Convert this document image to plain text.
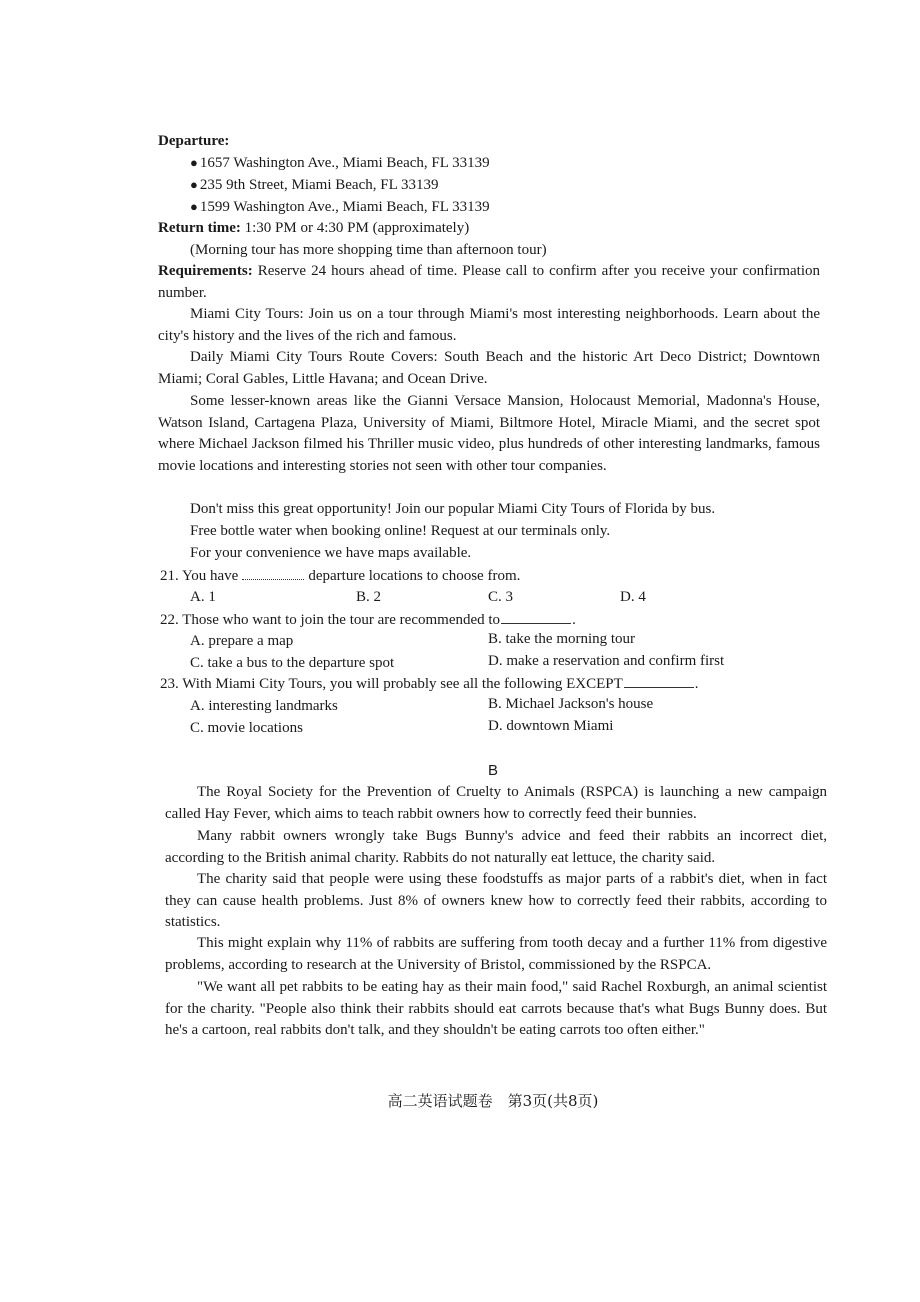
Departure:
● 1657 Washington Ave., Miami Beach, FL 33139
● 235 9th Street, Miami Beach, FL 33139
● 1599 Washington Ave., Miami Beach, FL 33139
Return time: 1:30 PM or 4:30 PM (approximately)
(Morning tour has more shopping time than afternoon tour)
Requirements: Reserve 24 hours ahead of time. Please call to confirm after you receive your confirmation number.
Miami City Tours: Join us on a tour through Miami's most interesting neighborhoods. Learn about the city's history and the lives of the rich and famous.
Daily Miami City Tours Route Covers: South Beach and the historic Art Deco District; Downtown Miami; Coral Gables, Little Havana; and Ocean Drive.
Some lesser-known areas like the Gianni Versace Mansion, Holocaust Memorial, Madonna's House, Watson Island, Cartagena Plaza, University of Miami, Biltmore Hotel, Miracle Miami, and the secret spot where Michael Jackson filmed his Thriller music video, plus hundreds of other interesting landmarks, famous movie locations and interesting stories not seen with other tour companies.
Don't miss this great opportunity! Join our popular Miami City Tours of Florida by bus.
Free bottle water when booking online! Request at our terminals only.
For your convenience we have maps available.
21. You have	departure locations to choose from.
A. 1	B. 2	C. 3	D. 4
22. Those who want to join the tour are recommended to	.
A. prepare a map	B. take the morning tour
C. take a bus to the departure spot	D. make a reservation and confirm first
23. With Miami City Tours, you will probably see all the following EXCEPT	.
A. interesting landmarks	B. Michael Jackson's house
C. movie locations	D. downtown Miami
B
The Royal Society for the Prevention of Cruelty to Animals (RSPCA) is launching a new campaign called Hay Fever, which aims to teach rabbit owners how to correctly feed their bunnies.
Many rabbit owners wrongly take Bugs Bunny's advice and feed their rabbits an incorrect diet, according to the British animal charity. Rabbits do not naturally eat lettuce, the charity said.
The charity said that people were using these foodstuffs as major parts of a rabbit's diet, when in fact they can cause health problems. Just 8% of owners knew how to correctly feed their rabbits, according to statistics.
This might explain why 11% of rabbits are suffering from tooth decay and a further 11% from digestive problems, according to research at the University of Bristol, commissioned by the RSPCA.
"We want all pet rabbits to be eating hay as their main food," said Rachel Roxburgh, an animal scientist for the charity. "People also think their rabbits should eat carrots because that's what Bugs Bunny does. But he's a cartoon, real rabbits don't talk, and they shouldn't be eating carrots too often either."
高二英语试题卷　第3页(共8页)
